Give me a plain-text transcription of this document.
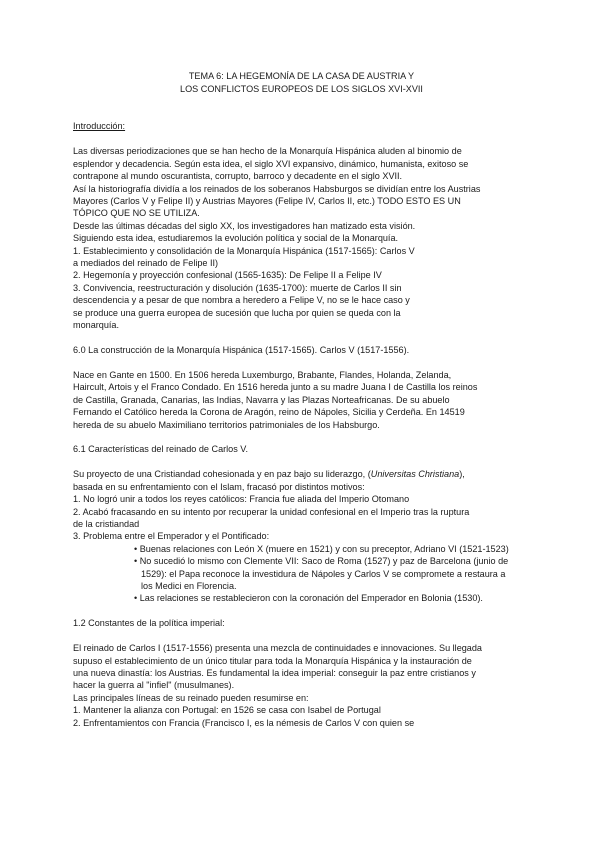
TEMA 6: LA HEGEMONÍA DE LA CASA DE AUSTRIA Y
LOS CONFLICTOS EUROPEOS DE LOS SIGLOS XVI-XVII

Introducción:

Las diversas periodizaciones que se han hecho de la Monarquía Hispánica aluden al binomio de
esplendor y decadencia. Según esta idea, el siglo XVI expansivo, dinámico, humanista, exitoso se
contrapone al mundo oscurantista, corrupto, barroco y decadente en el siglo XVII.
Así la historiografía dividía a los reinados de los soberanos Habsburgos se dividían entre los Austrias
Mayores (Carlos V y Felipe II) y Austrias Mayores (Felipe IV, Carlos II, etc.) TODO ESTO ES UN
TÓPICO QUE NO SE UTILIZA.
Desde las últimas décadas del siglo XX, los investigadores han matizado esta visión.
Siguiendo esta idea, estudiaremos la evolución política y social de la Monarquía.
1. Establecimiento y consolidación de la Monarquía Hispánica (1517-1565): Carlos V
a mediados del reinado de Felipe II)
2. Hegemonía y proyección confesional (1565-1635): De Felipe II a Felipe IV
3. Convivencia, reestructuración y disolución (1635-1700): muerte de Carlos II sin
descendencia y a pesar de que nombra a heredero a Felipe V, no se le hace caso y
se produce una guerra europea de sucesión que lucha por quien se queda con la
monarquía.

6.0 La construcción de la Monarquía Hispánica (1517-1565). Carlos V (1517-1556).

Nace en Gante en 1500. En 1506 hereda Luxemburgo, Brabante, Flandes, Holanda, Zelanda,
Haircult, Artois y el Franco Condado. En 1516 hereda junto a su madre Juana I de Castilla los reinos
de Castilla, Granada, Canarias, las Indias, Navarra y las Plazas Norteafricanas. De su abuelo
Fernando el Católico hereda la Corona de Aragón, reino de Nápoles, Sicilia y Cerdeña. En 14519
hereda de su abuelo Maximiliano territorios patrimoniales de los Habsburgo.

6.1 Características del reinado de Carlos V.

Su proyecto de una Cristiandad cohesionada y en paz bajo su liderazgo, (Universitas Christiana),
basada en su enfrentamiento con el Islam, fracasó por distintos motivos:
1. No logró unir a todos los reyes católicos: Francia fue aliada del Imperio Otomano
2. Acabó fracasando en su intento por recuperar la unidad confesional en el Imperio tras la ruptura
de la cristiandad
3. Problema entre el Emperador y el Pontificado:
• Buenas relaciones con León X (muere en 1521) y con su preceptor, Adriano VI (1521-1523)
• No sucedió lo mismo con Clemente VII: Saco de Roma (1527) y paz de Barcelona (junio de
1529): el Papa reconoce la investidura de Nápoles y Carlos V se compromete a restaura a
los Medici en Florencia.
• Las relaciones se restablecieron con la coronación del Emperador en Bolonia (1530).

1.2 Constantes de la política imperial:

El reinado de Carlos I (1517-1556) presenta una mezcla de continuidades e innovaciones. Su llegada
supuso el establecimiento de un único titular para toda la Monarquía Hispánica y la instauración de
una nueva dinastía: los Austrias. Es fundamental la idea imperial: conseguir la paz entre cristianos y
hacer la guerra al "infiel" (musulmanes).
Las principales líneas de su reinado pueden resumirse en:
1. Mantener la alianza con Portugal: en 1526 se casa con Isabel de Portugal
2. Enfrentamientos con Francia (Francisco I, es la némesis de Carlos V con quien se
